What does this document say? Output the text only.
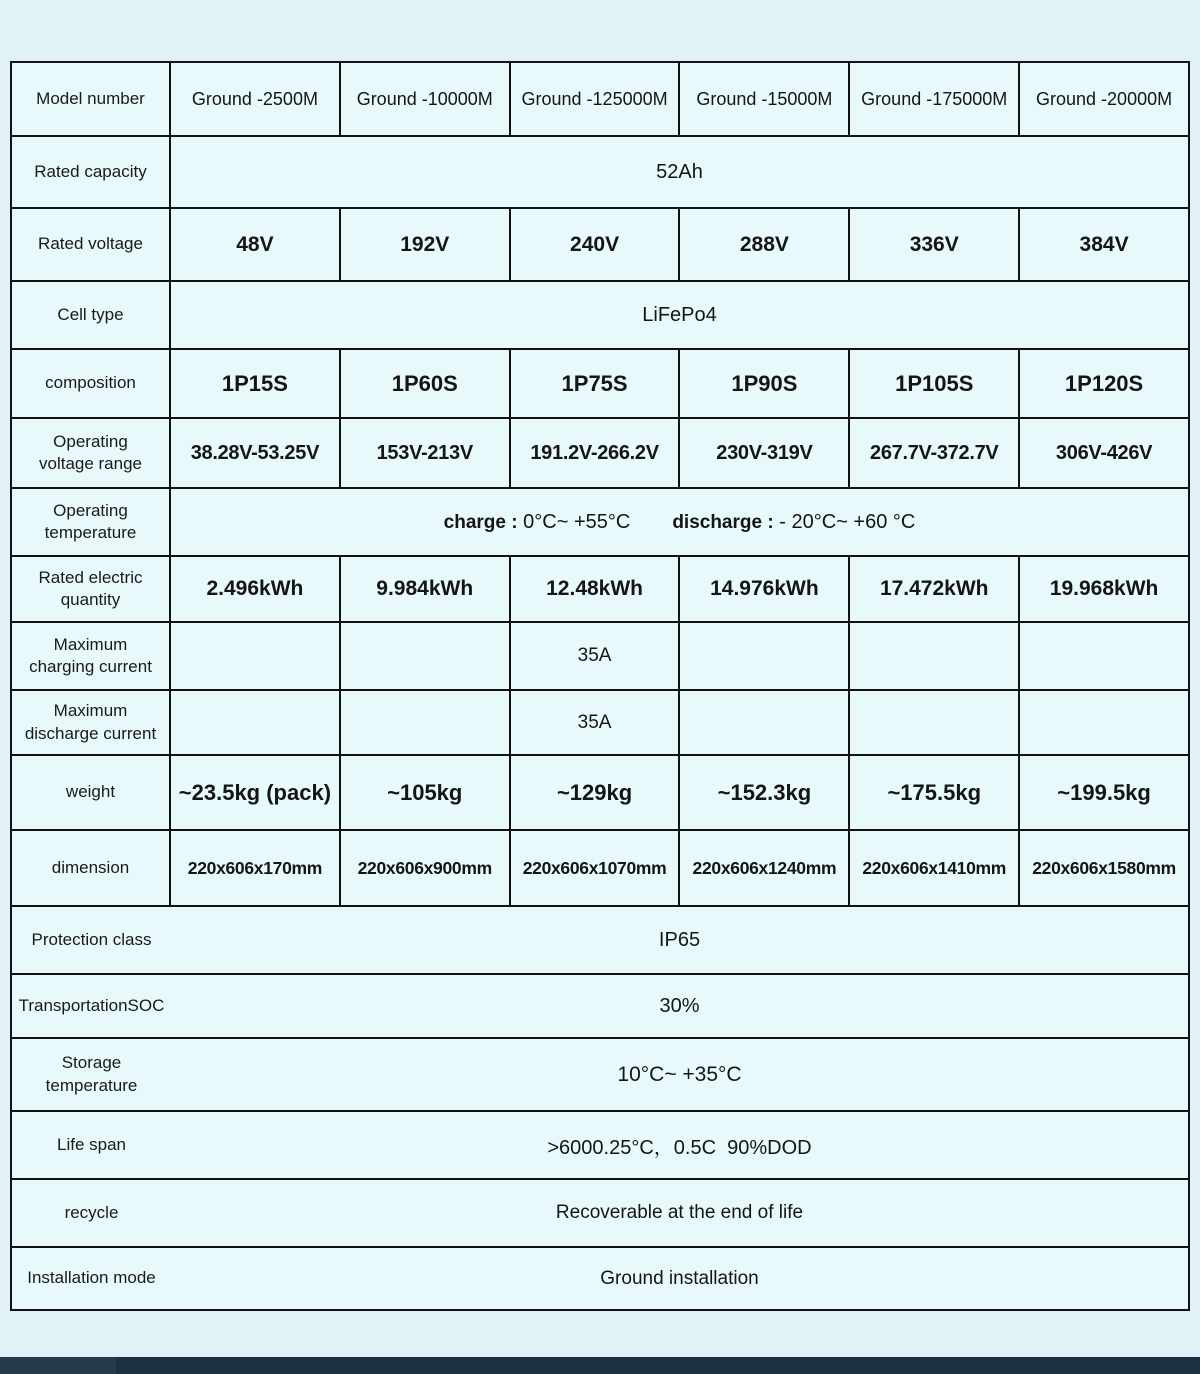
Model number	Ground -2500M	Ground -10000M	Ground -125000M	Ground -15000M	Ground -175000M	Ground -20000M

Rated capacity	52Ah					

Rated voltage	48V	192V	240V	288V	336V	384V

Cell type	LiFePo4					

composition	1P15S	1P60S	1P75S	1P90S	1P105S	1P120S

Operating
voltage range	38.28V-53.25V	153V-213V	191.2V-266.2V	230V-319V	267.7V-372.7V	306V-426V

Operating
temperature	charge : 0°C~ +55°C discharge : - 20°C~ +60 °C					

Rated electric
quantity	2.496kWh	9.984kWh	12.48kWh	14.976kWh	17.472kWh	19.968kWh

Maximum
charging current			35A			

Maximum
discharge current			35A			

weight	~23.5kg (pack)	~105kg	~129kg	~152.3kg	~175.5kg	~199.5kg

dimension	220x606x170mm	220x606x900mm	220x606x1070mm	220x606x1240mm	220x606x1410mm	220x606x1580mm

Protection class IP65						

TransportationSOC 30%						

Storage
temperature 10°C~ +35°C						

Life span >6000.25°C，0.5C  90%DOD						

recycle Recoverable at the end of life						

Installation mode Ground installation						
